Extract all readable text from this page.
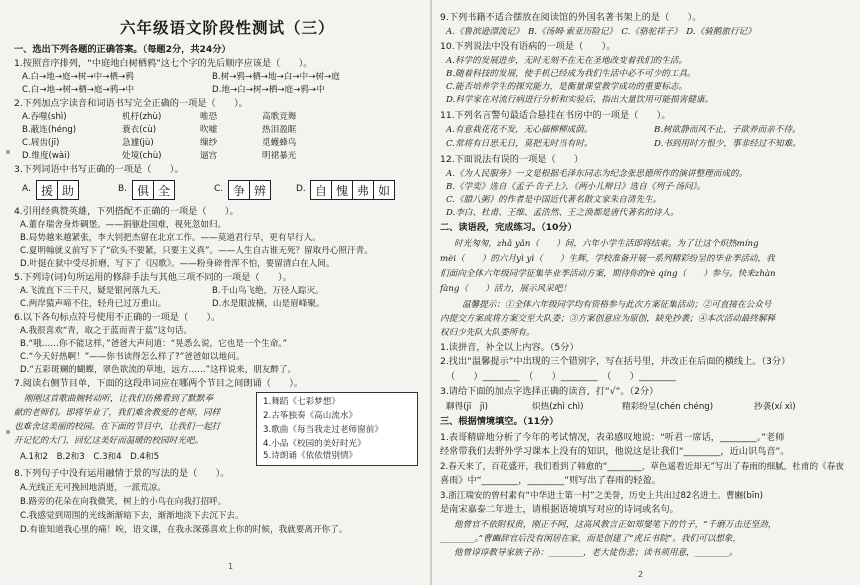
六年级语文阶段性测试（三）
一、选出下列各题的正确答案。（每题2分，共24分）
1.按照音序排列，“中庭地白树栖鸦”这七个字的先后顺序应该是（　　）。
A.白→地→庭→树→中→栖→鸦	B.树→鸦→栖→地→白→中→树→庭
C.白→地→树→栖→庭→鸦→中	D.地→白→树→栖→庭→鸦→中
2.下列加点字读音和词语书写完全正确的一项是（　　）。
A.吞噬(shì)	机杼(zhù)	唯恐	高歌竞舞
B.蔽连(héng)	蓑衣(cù)	吹嘘	热泪盈眶
C.屐齿(jī)	急遽(jù)	缫纱	觅蠖蜂鸟
D.维度(wài)	处境(chù)	逼宫	明裙暴光
3.下列词语中书写正确的一项是（　　）。
A. 援 助	B. 俱 全	C. 争 辨	D. 自 愧 弗 如
4.引用经典赞英雄，下列搭配不正确的一项是（　　）。
A.董存瑞舍身炸碉堡。——捐躯赴国难，视死忽如归。
B.局势越来越紧张，李大钊把杰留在北京工作。——莫道君行早，更有早行人。
C.夏明翰就义前写下了“砍头不要紧，只要主义真”。——人生自古谁无死？留取丹心照汗青。
D.叶挺在狱中受尽折磨，写下了《囚歌》。——粉身碎骨浑不怕，要留清白在人间。
5.下列诗(词)句所运用的修辞手法与其他三项不同的一项是（　　）。
A.飞流直下三千尺，疑是银河落九天。	B.千山鸟飞绝，万径人踪灭。
C.两岸猿声啼不住，轻舟已过万重山。	D.水是眼波横，山是眉峰聚。
6.以下各句标点符号使用不正确的一项是（　　）。
A.我很喜欢“青，取之于蓝而青于蓝”这句话。
B.“哦……你不能这样，”爸爸大声问道：“晃悉么说，它也是一个生命。”
C.“今天好热啊！”——你书读得怎么样了?”爸爸如以地问。
D.“五彩斑斓的蝴蝶，翠色欲流的草地，远方……”这样说来，朋友醉了。
7.阅读右侧节目单，下面的这段串词应在哪两个节目之间朗诵（　　）。
刚刚这首歌曲婉转动听，让我们仿佛看到了默默奉
献的老师们。即将毕业了，我们难舍教爱的老师，同样
也难舍这美丽的校园。在下面的节目中，让我们一起打
开记忆的大门，回忆这美好而温暖的校园时光吧。
A.1和2　B.2和3　C.3和4　D.4和5
1.舞蹈《七彩梦想》
2.古筝独奏《高山流水》
3.歌曲《每当我走过老师窗前》
4.小品《校园的美好时光》
5.诗朗诵《依依惜别情》
8.下列句子中没有运用融情于景的写法的是（　　）。
A.光线正无可挽回地消逝，一派荒凉。
B.路旁的花朵在向我微笑，树上的小鸟在向我打招呼。
C.我感觉到周围的光线渐渐暗下去，渐渐地淡下去沉下去。
D.有谁知道我心里的痛！唉，语文课，在我永深孫喜欢上你的时候，我就要离开你了。
1
9.下列书籍不适合摆放在阅读馆的外国名著书架上的是（　　）。
A.《鲁滨逊漂流记》　B.《汤姆·索亚历险记》　C.《骆驼祥子》　D.《骑鹅旅行记》
10.下列说法中没有语病的一项是（　　）。
A.科学的发展进步，无时无刻不在无在圣地改变着我们的生活。
B.随着科技的发展，使手机已经成为我们生活中必不可少的工具。
C.能否培养学生的探究能力，是衡量课堂教学成功的重要标志。
D.科学家在对流行病进行分析和实验后，指出大量饮用可能损害健康。
11.下列名言警句最适合悬挂在书房中的一项是（　　）。
A.有意栽花花不发，无心插柳柳成荫。	B.树欲静而风不止，子欲养而亲不待。
C.常将有日思无日，莫把无时当有时。	D.书到用时方恨少，事非经过不知难。
12.下面说法有误的一项是（　　）
A.《为人民服务》一文是根据毛泽东同志为纪念张思德所作的演讲整理而成的。
B.《学奕》选自《孟子·告子上》，《两小儿辩日》选自《列子·汤问》。
C.《腊八粥》的作者是中国近代著名散文家朱自清先生。
D.李白、杜甫、王维、孟浩然、王之涣都是唐代著名的诗人。
二、读语段，完成练习。（10分）
时光匆匆，zhǎ yǎn（　　）间，六年小学生活即将结束。为了让这个炽热míng
mèi（　　）的六月yì yì（　　）生辉，学校准备开展一系列精彩纷呈的毕业季活动，我
们面向全体六年级同学征集毕业季活动方案，期待你的rè qíng（　　）参与。快来zhàn
fàng（　　）活力，展示风采吧！
温馨提示：①全体六年级同学均有资格参与此次方案征集活动；②可直接在公众号
内提交方案或将方案交至大队委；③方案创意应为原创，缺免抄袭；④本次活动最终解释
权归少先队大队委所有。
1.读拼音，补全以上内容。（5分）
2.找出“温馨提示”中出现的三个错别字，写在括号里，并改正在后面的横线上。（3分）
（　　）________　（　　）________　（　　）________
3.请给下面的加点字选择正确的读音，打“√”。（2分）
聊得(jī　jì)	炽热(zhì chì)	精彩纷呈(chén chéng)	抄袭(xí xì)
三、根据情境填空。（11分）
1.表哥精辟地分析了今年的考试情况，表弟感叹地说：“听君一席话，________。”老师
经常带我们去野外学习课本上没有的知识，他说这是让我们“________，近山识鸟音”。
2.春天来了，百花盛开，我们看到了韩愈的“________，草色遥看近却无”写出了春雨的细腻，杜甫的《春夜
喜雨》中“________，________”则写出了春雨的轻盈。
3.浙江瑞安的曾村素有“中华进士第一村”之美誉，历史上共出过82名进士。曹豳(bīn)
是南宋嘉泰二年进士，请根据语境填写对应的诗词或名句。
他曾官不依附权贵，刚正不阿，这高风教言正如郑燮笔下的竹子，“千磨万击还坚劲，
________。”曹豳辞官后没有闲居在家，而是创建了“虎丘书院”。我们可以想象，
他曾谆谆教导家族子孙：________，老大徒伤悲；读书须用意，________。
2
